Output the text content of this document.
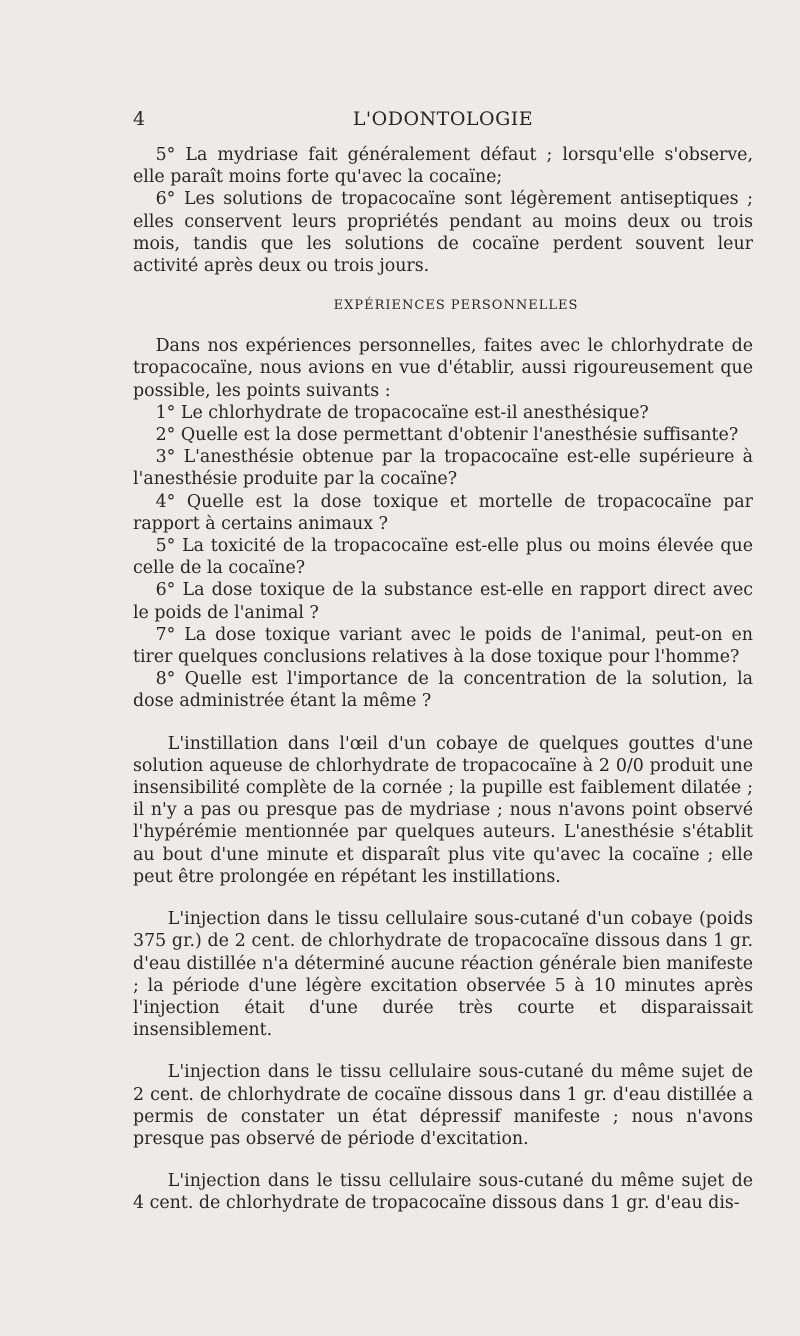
4	L'ODONTOLOGIE

5° La mydriase fait généralement défaut ; lorsqu'elle s'observe, elle paraît moins forte qu'avec la cocaïne;

6° Les solutions de tropacocaïne sont légèrement antiseptiques ; elles conservent leurs propriétés pendant au moins deux ou trois mois, tandis que les solutions de cocaïne perdent souvent leur activité après deux ou trois jours.

EXPÉRIENCES PERSONNELLES

Dans nos expériences personnelles, faites avec le chlorhydrate de tropacocaïne, nous avions en vue d'établir, aussi rigoureusement que possible, les points suivants :

1° Le chlorhydrate de tropacocaïne est-il anesthésique?

2° Quelle est la dose permettant d'obtenir l'anesthésie suffisante?

3° L'anesthésie obtenue par la tropacocaïne est-elle supérieure à l'anesthésie produite par la cocaïne?

4° Quelle est la dose toxique et mortelle de tropacocaïne par rapport à certains animaux ?

5° La toxicité de la tropacocaïne est-elle plus ou moins élevée que celle de la cocaïne?

6° La dose toxique de la substance est-elle en rapport direct avec le poids de l'animal ?

7° La dose toxique variant avec le poids de l'animal, peut-on en tirer quelques conclusions relatives à la dose toxique pour l'homme?

8° Quelle est l'importance de la concentration de la solution, la dose administrée étant la même ?

L'instillation dans l'œil d'un cobaye de quelques gouttes d'une solution aqueuse de chlorhydrate de tropacocaïne à 2 0/0 produit une insensibilité complète de la cornée ; la pupille est faiblement dilatée ; il n'y a pas ou presque pas de mydriase ; nous n'avons point observé l'hypérémie mentionnée par quelques auteurs. L'anesthésie s'établit au bout d'une minute et disparaît plus vite qu'avec la cocaïne ; elle peut être prolongée en répétant les instillations.

L'injection dans le tissu cellulaire sous-cutané d'un cobaye (poids 375 gr.) de 2 cent. de chlorhydrate de tropacocaïne dissous dans 1 gr. d'eau distillée n'a déterminé aucune réaction générale bien manifeste ; la période d'une légère excitation observée 5 à 10 minutes après l'injection était d'une durée très courte et disparaissait insensiblement.

L'injection dans le tissu cellulaire sous-cutané du même sujet de 2 cent. de chlorhydrate de cocaïne dissous dans 1 gr. d'eau distillée a permis de constater un état dépressif manifeste ; nous n'avons presque pas observé de période d'excitation.

L'injection dans le tissu cellulaire sous-cutané du même sujet de 4 cent. de chlorhydrate de tropacocaïne dissous dans 1 gr. d'eau dis-
